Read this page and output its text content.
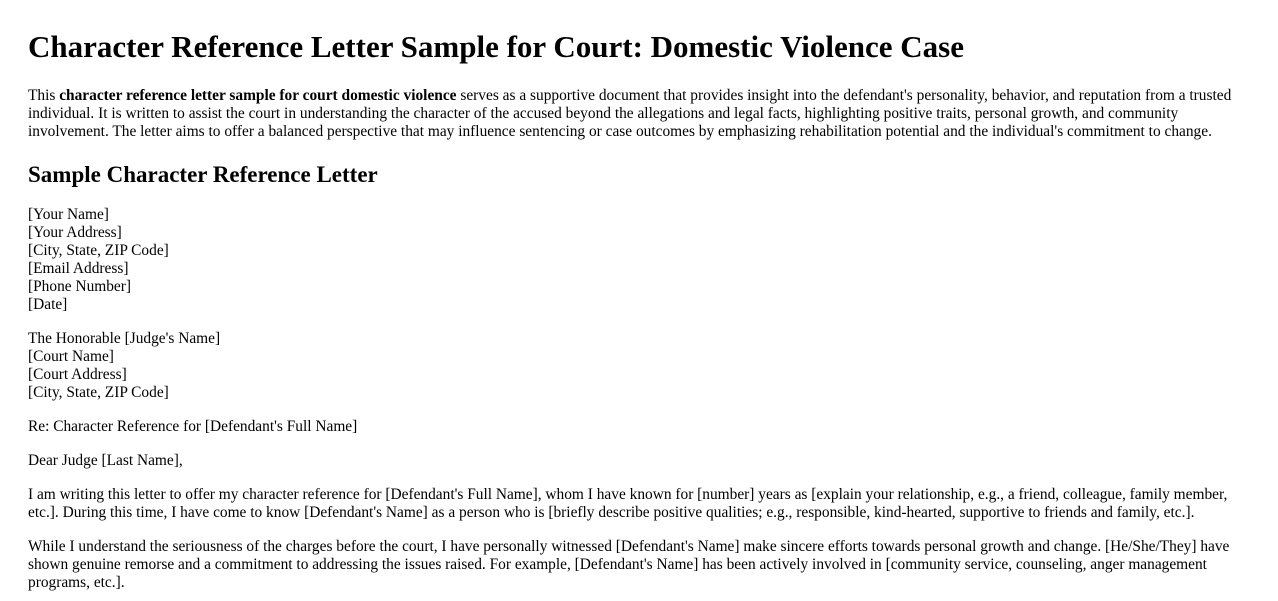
Character Reference Letter Sample for Court: Domestic Violence Case

This character reference letter sample for court domestic violence serves as a supportive document that provides insight into the defendant's personality, behavior, and reputation from a trusted individual. It is written to assist the court in understanding the character of the accused beyond the allegations and legal facts, highlighting positive traits, personal growth, and community involvement. The letter aims to offer a balanced perspective that may influence sentencing or case outcomes by emphasizing rehabilitation potential and the individual's commitment to change.

Sample Character Reference Letter
[Your Name]
[Your Address]
[City, State, ZIP Code]
[Email Address]
[Phone Number]
[Date]
The Honorable [Judge's Name]
[Court Name]
[Court Address]
[City, State, ZIP Code]
Re: Character Reference for [Defendant's Full Name]
Dear Judge [Last Name],

I am writing this letter to offer my character reference for [Defendant's Full Name], whom I have known for [number] years as [explain your relationship, e.g., a friend, colleague, family member, etc.]. During this time, I have come to know [Defendant's Name] as a person who is [briefly describe positive qualities; e.g., responsible, kind-hearted, supportive to friends and family, etc.].

While I understand the seriousness of the charges before the court, I have personally witnessed [Defendant's Name] make sincere efforts towards personal growth and change. [He/She/They] have shown genuine remorse and a commitment to addressing the issues raised. For example, [Defendant's Name] has been actively involved in [community service, counseling, anger management programs, etc.].
